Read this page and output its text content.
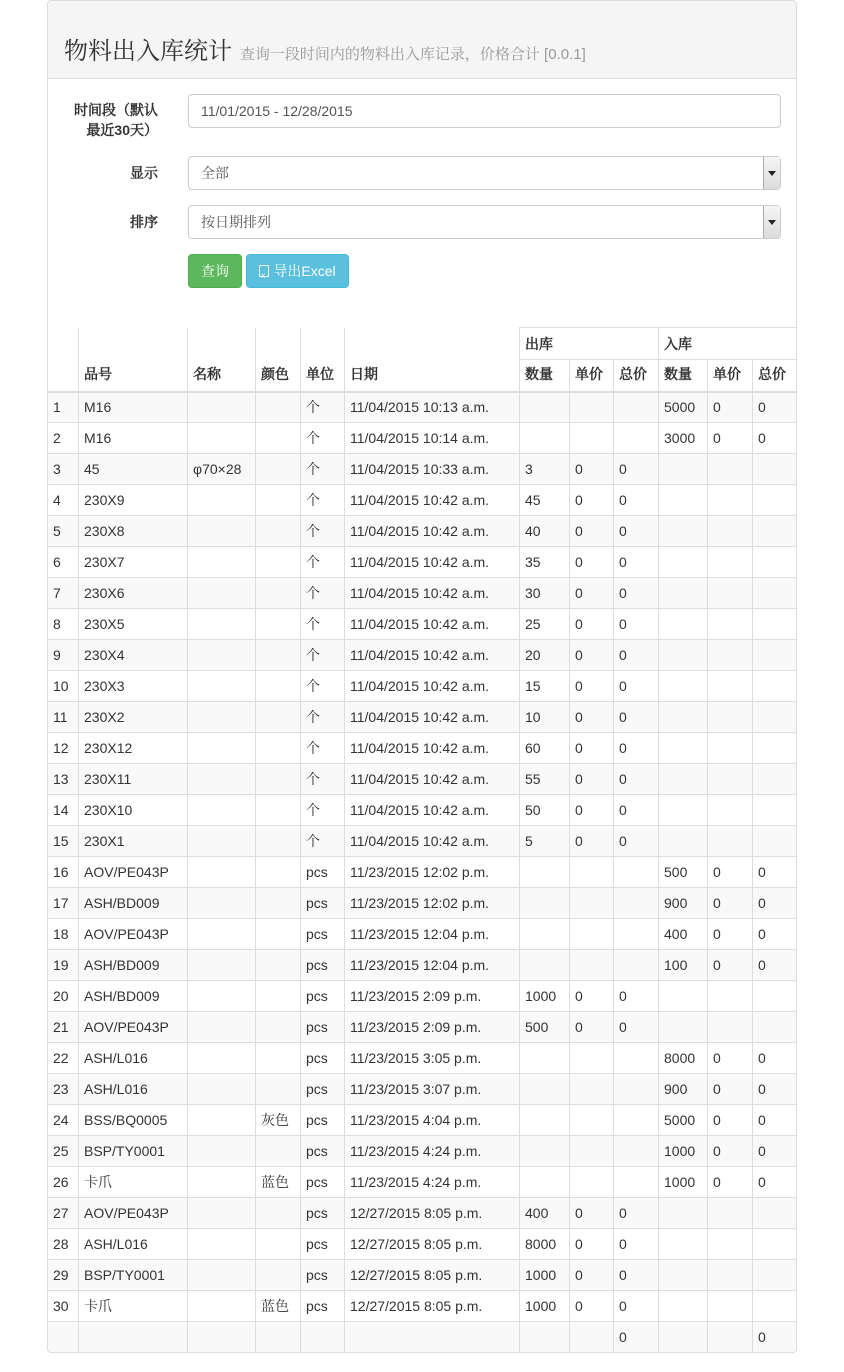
物料出入库统计 查询一段时间内的物料出入库记录，价格合计 [0.0.1]
时间段（默认
最近30天）
11/01/2015 - 12/28/2015
显示	全部
排序	按日期排列
查询 x	导出Excel
						出库			入库		
	品号	名称	颜色	单位	日期	数量	单价	总价	数量	单价	总价
1	M16			个	11/04/2015 10:13 a.m.				5000	0	0
2	M16			个	11/04/2015 10:14 a.m.				3000	0	0
3	45	φ70×28		个	11/04/2015 10:33 a.m.	3	0	0			
4	230X9			个	11/04/2015 10:42 a.m.	45	0	0			
5	230X8			个	11/04/2015 10:42 a.m.	40	0	0			
6	230X7			个	11/04/2015 10:42 a.m.	35	0	0			
7	230X6			个	11/04/2015 10:42 a.m.	30	0	0			
8	230X5			个	11/04/2015 10:42 a.m.	25	0	0			
9	230X4			个	11/04/2015 10:42 a.m.	20	0	0			
10	230X3			个	11/04/2015 10:42 a.m.	15	0	0			
11	230X2			个	11/04/2015 10:42 a.m.	10	0	0			
12	230X12			个	11/04/2015 10:42 a.m.	60	0	0			
13	230X11			个	11/04/2015 10:42 a.m.	55	0	0			
14	230X10			个	11/04/2015 10:42 a.m.	50	0	0			
15	230X1			个	11/04/2015 10:42 a.m.	5	0	0			
16	AOV/PE043P			pcs	11/23/2015 12:02 p.m.				500	0	0
17	ASH/BD009			pcs	11/23/2015 12:02 p.m.				900	0	0
18	AOV/PE043P			pcs	11/23/2015 12:04 p.m.				400	0	0
19	ASH/BD009			pcs	11/23/2015 12:04 p.m.				100	0	0
20	ASH/BD009			pcs	11/23/2015 2:09 p.m.	1000	0	0			
21	AOV/PE043P			pcs	11/23/2015 2:09 p.m.	500	0	0			
22	ASH/L016			pcs	11/23/2015 3:05 p.m.				8000	0	0
23	ASH/L016			pcs	11/23/2015 3:07 p.m.				900	0	0
24	BSS/BQ0005		灰色	pcs	11/23/2015 4:04 p.m.				5000	0	0
25	BSP/TY0001			pcs	11/23/2015 4:24 p.m.				1000	0	0
26	卡爪		蓝色	pcs	11/23/2015 4:24 p.m.				1000	0	0
27	AOV/PE043P			pcs	12/27/2015 8:05 p.m.	400	0	0			
28	ASH/L016			pcs	12/27/2015 8:05 p.m.	8000	0	0			
29	BSP/TY0001			pcs	12/27/2015 8:05 p.m.	1000	0	0			
30	卡爪		蓝色	pcs	12/27/2015 8:05 p.m.	1000	0	0			
								0			0
